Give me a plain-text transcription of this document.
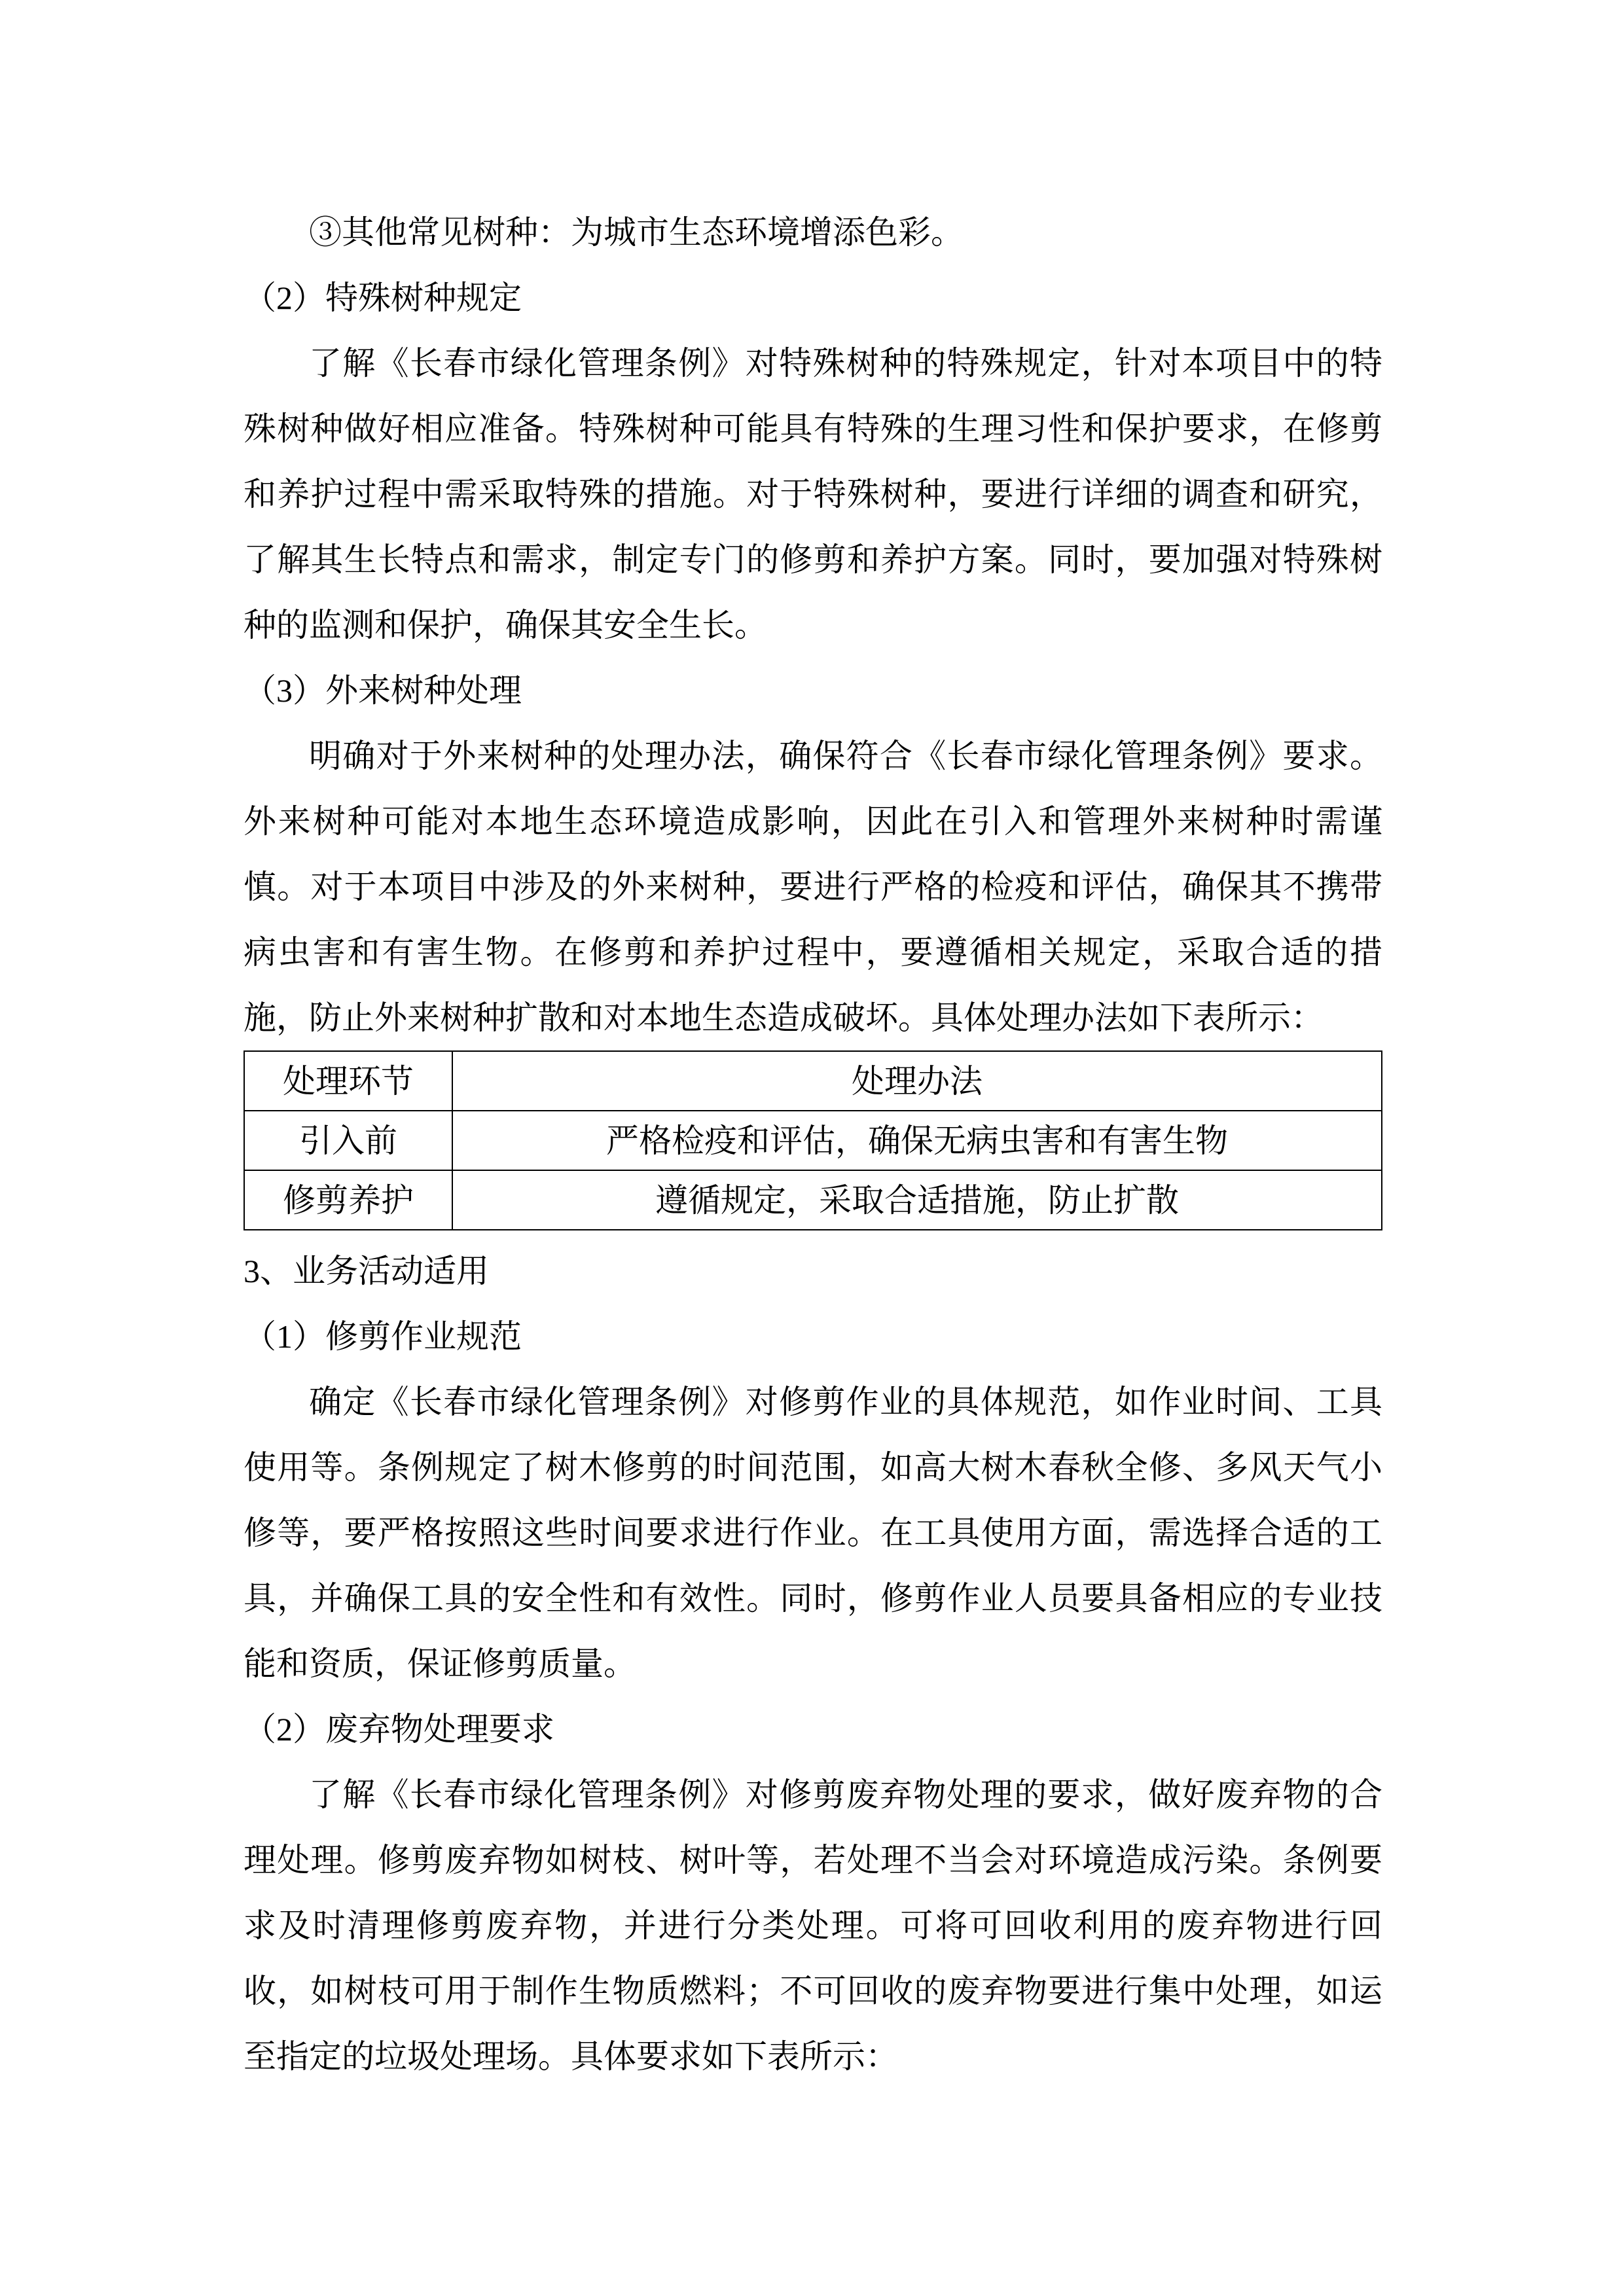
③其他常见树种：为城市生态环境增添色彩。

（2）特殊树种规定

了解《长春市绿化管理条例》对特殊树种的特殊规定，针对本项目中的特殊树种做好相应准备。特殊树种可能具有特殊的生理习性和保护要求，在修剪和养护过程中需采取特殊的措施。对于特殊树种，要进行详细的调查和研究，了解其生长特点和需求，制定专门的修剪和养护方案。同时，要加强对特殊树种的监测和保护，确保其安全生长。

（3）外来树种处理

明确对于外来树种的处理办法，确保符合《长春市绿化管理条例》要求。外来树种可能对本地生态环境造成影响，因此在引入和管理外来树种时需谨慎。对于本项目中涉及的外来树种，要进行严格的检疫和评估，确保其不携带病虫害和有害生物。在修剪和养护过程中，要遵循相关规定，采取合适的措施，防止外来树种扩散和对本地生态造成破坏。具体处理办法如下表所示：

处理环节	处理办法
引入前	严格检疫和评估，确保无病虫害和有害生物
修剪养护	遵循规定，采取合适措施，防止扩散

3、业务活动适用

（1）修剪作业规范

确定《长春市绿化管理条例》对修剪作业的具体规范，如作业时间、工具使用等。条例规定了树木修剪的时间范围，如高大树木春秋全修、多风天气小修等，要严格按照这些时间要求进行作业。在工具使用方面，需选择合适的工具，并确保工具的安全性和有效性。同时，修剪作业人员要具备相应的专业技能和资质，保证修剪质量。

（2）废弃物处理要求

了解《长春市绿化管理条例》对修剪废弃物处理的要求，做好废弃物的合理处理。修剪废弃物如树枝、树叶等，若处理不当会对环境造成污染。条例要求及时清理修剪废弃物，并进行分类处理。可将可回收利用的废弃物进行回收，如树枝可用于制作生物质燃料；不可回收的废弃物要进行集中处理，如运至指定的垃圾处理场。具体要求如下表所示：
